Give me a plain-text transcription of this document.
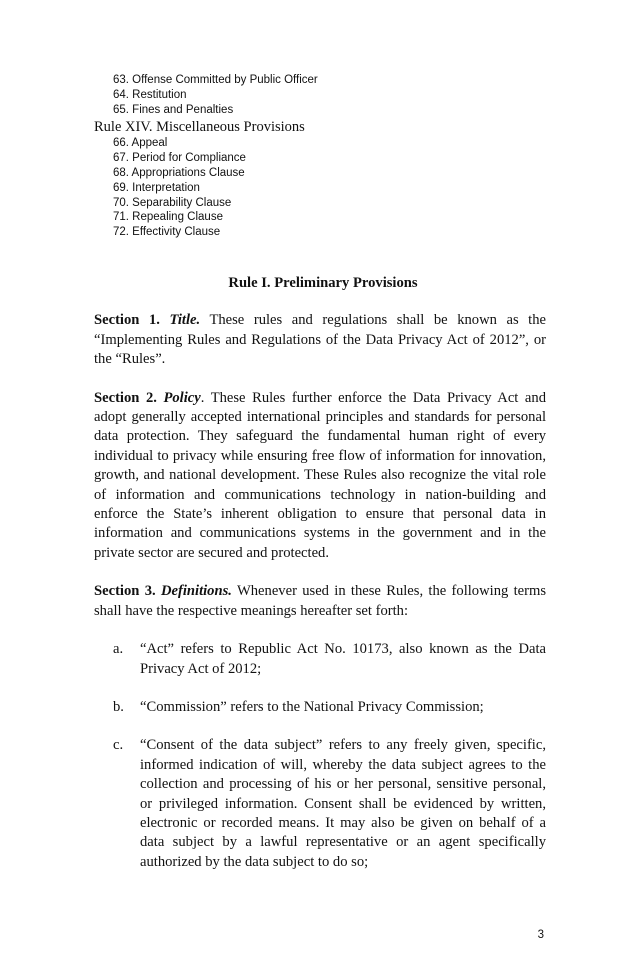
63. Offense Committed by Public Officer

64. Restitution

65. Fines and Penalties

Rule XIV. Miscellaneous Provisions

66. Appeal

67. Period for Compliance

68. Appropriations Clause

69. Interpretation

70. Separability Clause

71. Repealing Clause

72. Effectivity Clause

Rule I. Preliminary Provisions

Section 1. Title. These rules and regulations shall be known as the “Implementing Rules and Regulations of the Data Privacy Act of 2012”, or the “Rules”.

Section 2. Policy. These Rules further enforce the Data Privacy Act and adopt generally accepted international principles and standards for personal data protection. They safeguard the fundamental human right of every individual to privacy while ensuring free flow of information for innovation, growth, and national development. These Rules also recognize the vital role of information and communications technology in nation-building and enforce the State’s inherent obligation to ensure that personal data in information and communications systems in the government and in the private sector are secured and protected.

Section 3. Definitions. Whenever used in these Rules, the following terms shall have the respective meanings hereafter set forth:

a. “Act” refers to Republic Act No. 10173, also known as the Data Privacy Act of 2012;
b. “Commission” refers to the National Privacy Commission;
c. “Consent of the data subject” refers to any freely given, specific, informed indication of will, whereby the data subject agrees to the collection and processing of his or her personal, sensitive personal, or privileged information. Consent shall be evidenced by written, electronic or recorded means. It may also be given on behalf of a data subject by a lawful representative or an agent specifically authorized by the data subject to do so;
3
